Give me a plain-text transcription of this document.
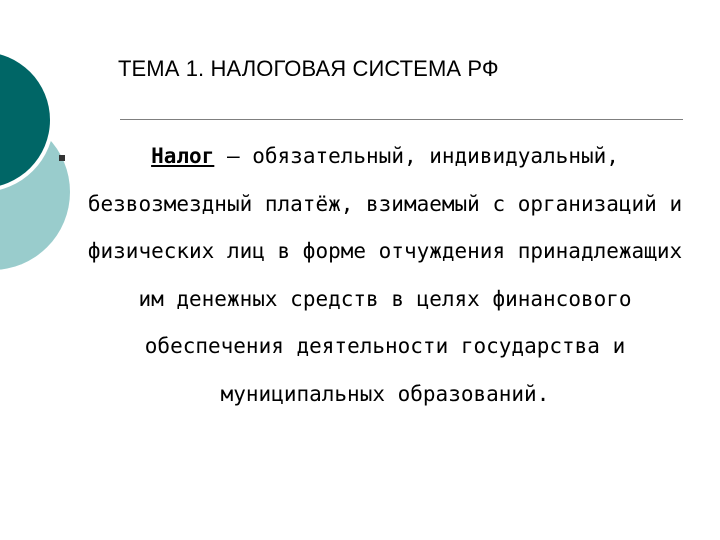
ТЕМА 1. НАЛОГОВАЯ СИСТЕМА РФ

Налог – обязательный, индивидуальный, безвозмездный платёж, взимаемый с организаций и физических лиц в форме отчуждения принадлежащих им денежных средств в целях финансового обеспечения деятельности государства и муниципальных образований.
